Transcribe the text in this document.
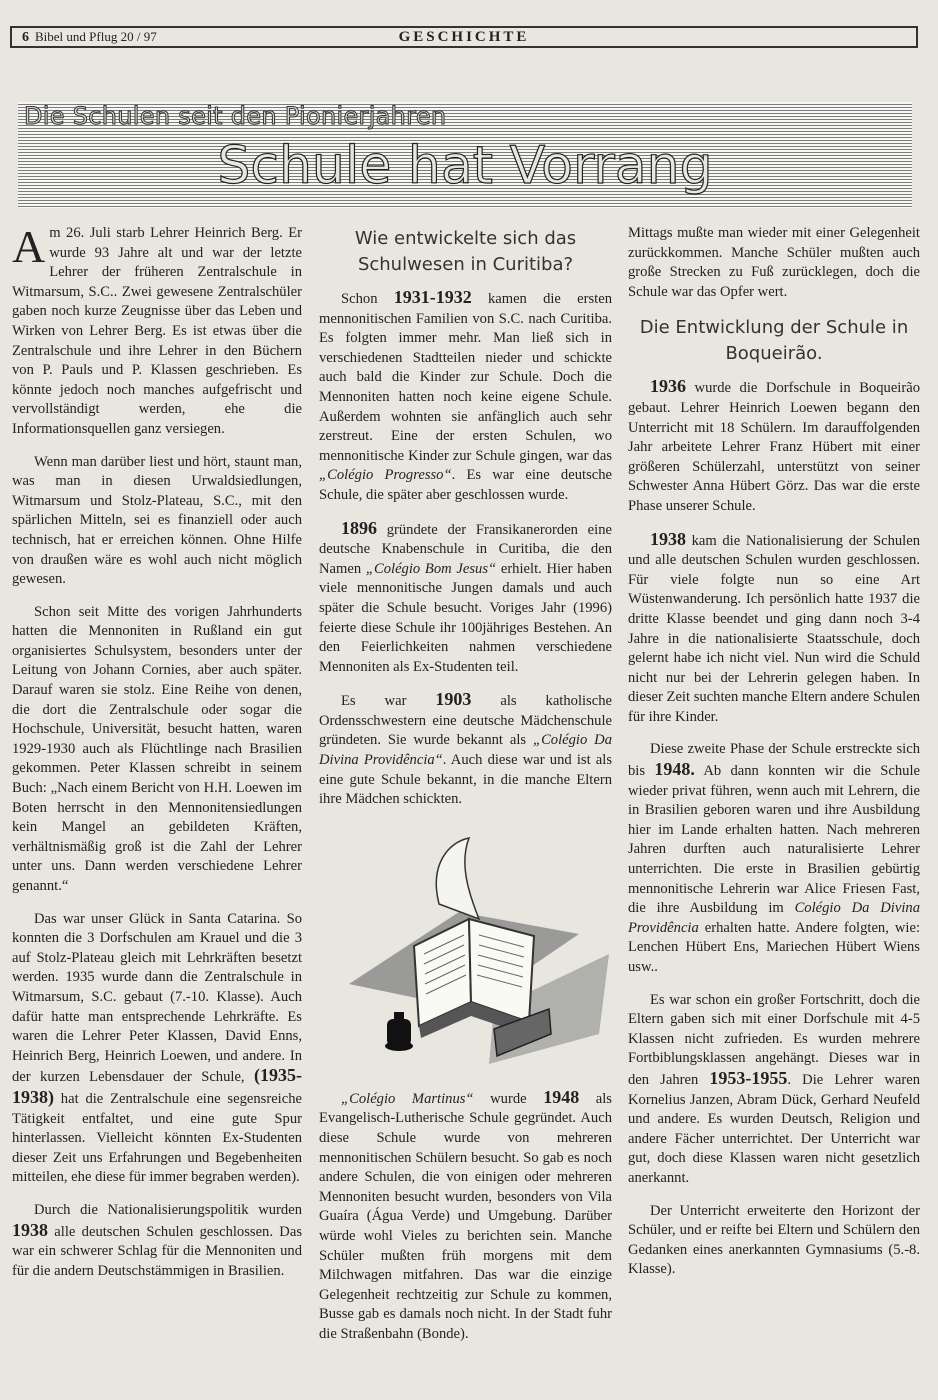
6 Bibel und Pflug 20 / 97	GESCHICHTE
Die Schulen seit den Pionierjahren
Schule hat Vorrang

Am 26. Juli starb Lehrer Heinrich Berg. Er wurde 93 Jahre alt und war der letzte Lehrer der früheren Zentralschule in Witmarsum, S.C.. Zwei gewesene Zentralschüler gaben noch kurze Zeugnisse über das Leben und Wirken von Lehrer Berg. Es ist etwas über die Zentralschule und ihre Lehrer in den Büchern von P. Pauls und P. Klassen geschrieben. Es könnte jedoch noch manches aufgefrischt und vervollständigt werden, ehe die Informationsquellen ganz versiegen.

Wenn man darüber liest und hört, staunt man, was man in diesen Urwaldsiedlungen, Witmarsum und Stolz-Plateau, S.C., mit den spärlichen Mitteln, sei es finanziell oder auch technisch, hat er erreichen können. Ohne Hilfe von draußen wäre es wohl auch nicht möglich gewesen.

Schon seit Mitte des vorigen Jahrhunderts hatten die Mennoniten in Rußland ein gut organisiertes Schulsystem, besonders unter der Leitung von Johann Cornies, aber auch später. Darauf waren sie stolz. Eine Reihe von denen, die dort die Zentralschule oder sogar die Hochschule, Universität, besucht hatten, waren 1929-1930 auch als Flüchtlinge nach Brasilien gekommen. Peter Klassen schreibt in seinem Buch: „Nach einem Bericht von H.H. Loewen im Boten herrscht in den Mennonitensiedlungen kein Mangel an gebildeten Kräften, verhältnismäßig groß ist die Zahl der Lehrer unter uns. Dann werden verschiedene Lehrer genannt.“

Das war unser Glück in Santa Catarina. So konnten die 3 Dorfschulen am Krauel und die 3 auf Stolz-Plateau gleich mit Lehrkräften besetzt werden. 1935 wurde dann die Zentralschule in Witmarsum, S.C. gebaut (7.-10. Klasse). Auch dafür hatte man entsprechende Lehrkräfte. Es waren die Lehrer Peter Klassen, David Enns, Heinrich Berg, Heinrich Loewen, und andere. In der kurzen Lebensdauer der Schule, (1935-1938) hat die Zentralschule eine segensreiche Tätigkeit entfaltet, und eine gute Spur hinterlassen. Vielleicht könnten Ex-Studenten dieser Zeit uns Erfahrungen und Begebenheiten mitteilen, ehe diese für immer begraben werden).

Durch die Nationalisierungspolitik wurden 1938 alle deutschen Schulen geschlossen. Das war ein schwerer Schlag für die Mennoniten und für die andern Deutschstämmigen in Brasilien.

Wie entwickelte sich das Schulwesen in Curitiba?

Schon 1931-1932 kamen die ersten mennonitischen Familien von S.C. nach Curitiba. Es folgten immer mehr. Man ließ sich in verschiedenen Stadtteilen nieder und schickte auch bald die Kinder zur Schule. Doch die Mennoniten hatten noch keine eigene Schule. Außerdem wohnten sie anfänglich auch sehr zerstreut. Eine der ersten Schulen, wo mennonitische Kinder zur Schule gingen, war das „Colégio Progresso“. Es war eine deutsche Schule, die später aber geschlossen wurde.

1896 gründete der Fransikanerorden eine deutsche Knabenschule in Curitiba, die den Namen „Colégio Bom Jesus“ erhielt. Hier haben viele mennonitische Jungen damals und auch später die Schule besucht. Voriges Jahr (1996) feierte diese Schule ihr 100jähriges Bestehen. An den Feierlichkeiten nahmen verschiedene Mennoniten als Ex-Studenten teil.

Es war 1903 als katholische Ordensschwestern eine deutsche Mädchenschule gründeten. Sie wurde bekannt als „Colégio Da Divina Providência“. Auch diese war und ist als eine gute Schule bekannt, in die manche Eltern ihre Mädchen schickten.

„Colégio Martinus“ wurde 1948 als Evangelisch-Lutherische Schule gegründet. Auch diese Schule wurde von mehreren mennonitischen Schülern besucht. So gab es noch andere Schulen, die von einigen oder mehreren Mennoniten besucht wurden, besonders von Vila Guaíra (Água Verde) und Umgebung. Darüber würde wohl Vieles zu berichten sein. Manche Schüler mußten früh morgens mit dem Milchwagen mitfahren. Das war die einzige Gelegenheit rechtzeitig zur Schule zu kommen, Busse gab es damals noch nicht. In der Stadt fuhr die Straßenbahn (Bonde).

Mittags mußte man wieder mit einer Gelegenheit zurückkommen. Manche Schüler mußten auch große Strecken zu Fuß zurücklegen, doch die Schule war das Opfer wert.

Die Entwicklung der Schule in Boqueirão.

1936 wurde die Dorfschule in Boqueirão gebaut. Lehrer Heinrich Loewen begann den Unterricht mit 18 Schülern. Im darauffolgenden Jahr arbeitete Lehrer Franz Hübert mit einer größeren Schülerzahl, unterstützt von seiner Schwester Anna Hübert Görz. Das war die erste Phase unserer Schule.

1938 kam die Nationalisierung der Schulen und alle deutschen Schulen wurden geschlossen. Für viele folgte nun so eine Art Wüstenwanderung. Ich persönlich hatte 1937 die dritte Klasse beendet und ging dann noch 3-4 Jahre in die nationalisierte Staatsschule, doch gelernt habe ich nicht viel. Nun wird die Schuld nicht nur bei der Lehrerin gelegen haben. In dieser Zeit suchten manche Eltern andere Schulen für ihre Kinder.

Diese zweite Phase der Schule erstreckte sich bis 1948. Ab dann konnten wir die Schule wieder privat führen, wenn auch mit Lehrern, die in Brasilien geboren waren und ihre Ausbildung hier im Lande erhalten hatten. Nach mehreren Jahren durften auch naturalisierte Lehrer unterrichten. Die erste in Brasilien gebürtig mennonitische Lehrerin war Alice Friesen Fast, die ihre Ausbildung im Colégio Da Divina Providência erhalten hatte. Andere folgten, wie: Lenchen Hübert Ens, Mariechen Hübert Wiens usw..

Es war schon ein großer Fortschritt, doch die Eltern gaben sich mit einer Dorfschule mit 4-5 Klassen nicht zufrieden. Es wurden mehrere Fortbiblungsklassen angehängt. Dieses war in den Jahren 1953-1955. Die Lehrer waren Kornelius Janzen, Abram Dück, Gerhard Neufeld und andere. Es wurden Deutsch, Religion und andere Fächer unterrichtet. Der Unterricht war gut, doch diese Klassen waren nicht gesetzlich anerkannt.

Der Unterricht erweiterte den Horizont der Schüler, und er reifte bei Eltern und Schülern den Gedanken eines anerkannten Gymnasiums (5.-8. Klasse).
